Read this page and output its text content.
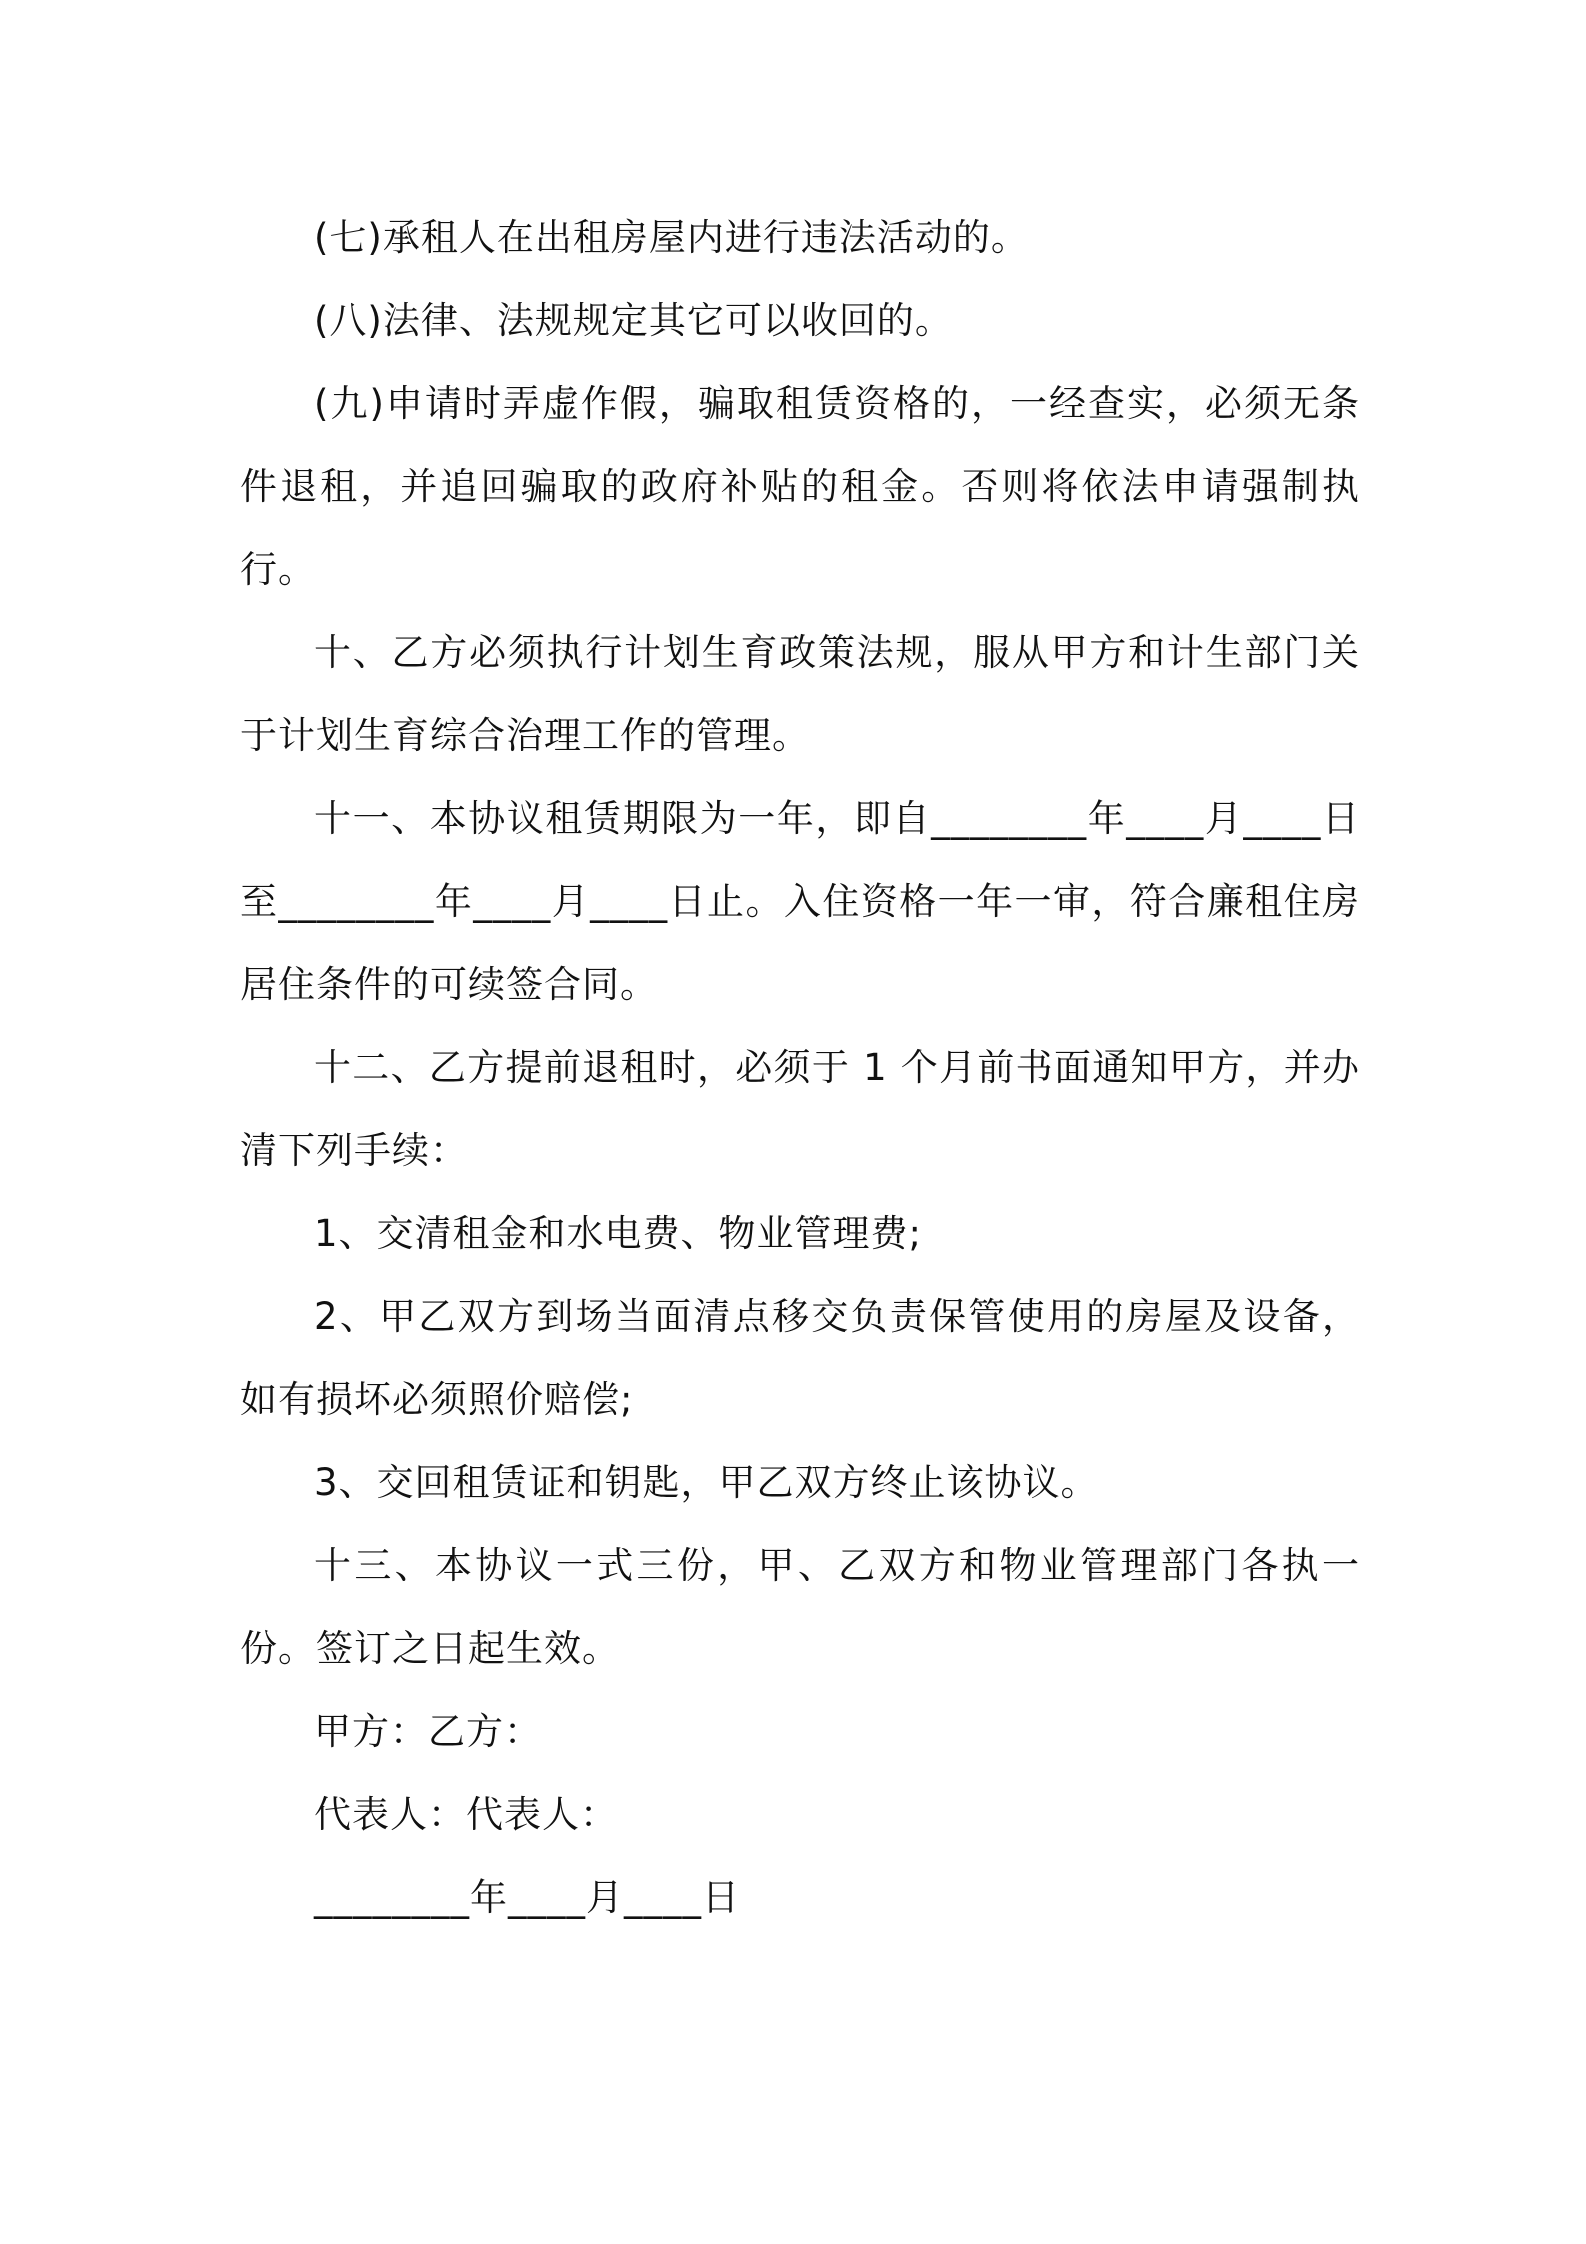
(七)承租人在出租房屋内进行违法活动的。

(八)法律、法规规定其它可以收回的。

(九)申请时弄虚作假，骗取租赁资格的，一经查实，必须无条件退租，并追回骗取的政府补贴的租金。否则将依法申请强制执行。

十、乙方必须执行计划生育政策法规，服从甲方和计生部门关于计划生育综合治理工作的管理。

十一、本协议租赁期限为一年，即自________年____月____日至________年____月____日止。入住资格一年一审，符合廉租住房居住条件的可续签合同。

十二、乙方提前退租时，必须于 1 个月前书面通知甲方，并办清下列手续：

1、交清租金和水电费、物业管理费;

2、甲乙双方到场当面清点移交负责保管使用的房屋及设备，如有损坏必须照价赔偿;

3、交回租赁证和钥匙，甲乙双方终止该协议。

十三、本协议一式三份，甲、乙双方和物业管理部门各执一份。签订之日起生效。

甲方：乙方：

代表人：代表人：

________年____月____日
